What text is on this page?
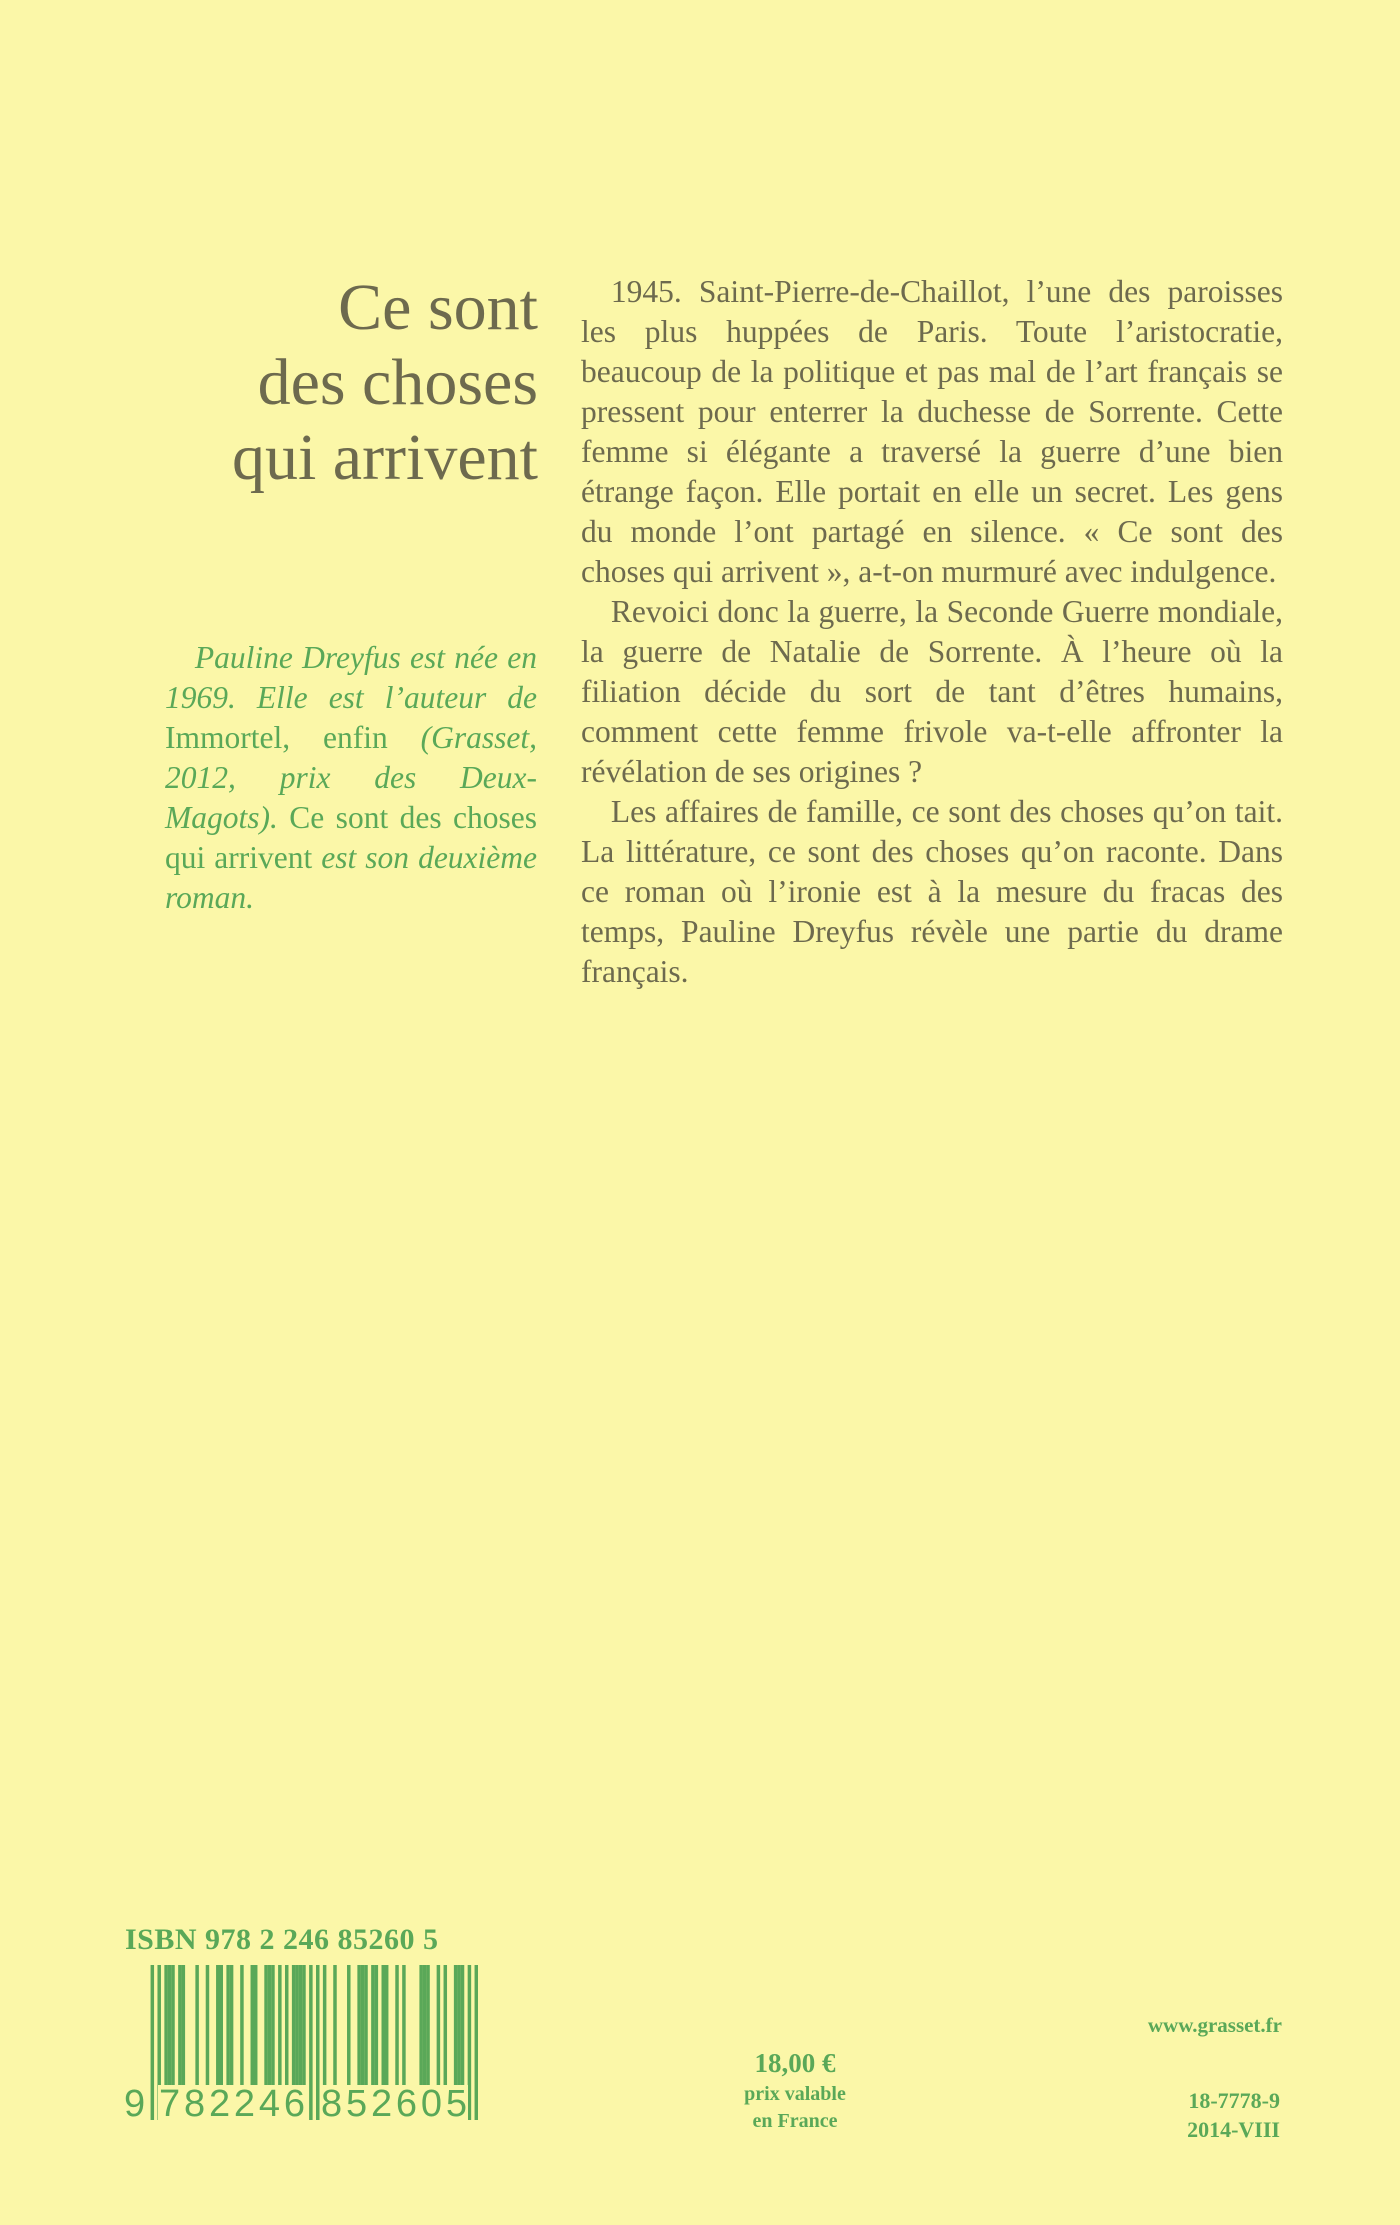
Ce sont
des choses
qui arrivent

Pauline Dreyfus est née en 1969. Elle est l’auteur de Immortel, enfin (Grasset, 2012, prix des Deux-Magots). Ce sont des choses qui arrivent est son deuxième roman.

1945. Saint-Pierre-de-Chaillot, l’une des paroisses les plus huppées de Paris. Toute l’aristocratie, beaucoup de la politique et pas mal de l’art français se pressent pour enterrer la duchesse de Sorrente. Cette femme si élégante a traversé la guerre d’une bien étrange façon. Elle portait en elle un secret. Les gens du monde l’ont partagé en silence. « Ce sont des choses qui arrivent », a-t-on murmuré avec indulgence.

Revoici donc la guerre, la Seconde Guerre mondiale, la guerre de Natalie de Sorrente. À l’heure où la filiation décide du sort de tant d’êtres humains, comment cette femme frivole va-t-elle affronter la révélation de ses origines ?

Les affaires de famille, ce sont des choses qu’on tait. La littérature, ce sont des choses qu’on raconte. Dans ce roman où l’ironie est à la mesure du fracas des temps, Pauline Dreyfus révèle une partie du drame français.

ISBN 978 2 246 85260 5
9 7 8 2 2 4 6 8 5 2 6 0 5
18,00 €
prix valable
en France
www.grasset.fr
18-7778-9
2014-VIII
